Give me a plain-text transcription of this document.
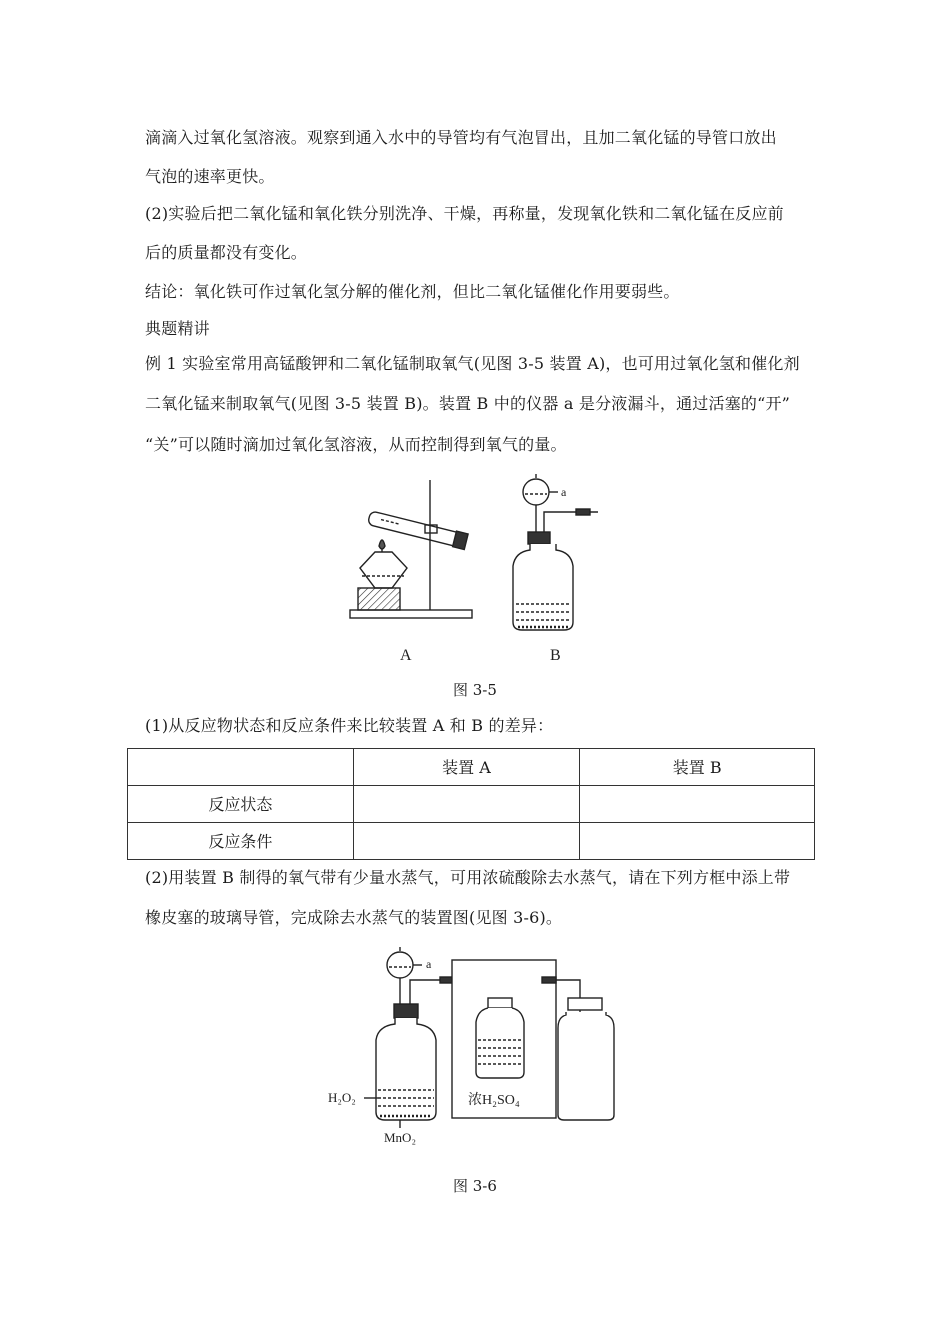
滴滴入过氧化氢溶液。观察到通入水中的导管均有气泡冒出，且加二氧化锰的导管口放出
气泡的速率更快。
(2)实验后把二氧化锰和氧化铁分别洗净、干燥，再称量，发现氧化铁和二氧化锰在反应前
后的质量都没有变化。
结论：氧化铁可作过氧化氢分解的催化剂，但比二氧化锰催化作用要弱些。
典题精讲
例 1 实验室常用高锰酸钾和二氧化锰制取氧气(见图 3-5 装置 A)，也可用过氧化氢和催化剂
二氧化锰来制取氧气(见图 3-5 装置 B)。装置 B 中的仪器 a 是分液漏斗，通过活塞的“开”
“关”可以随时滴加过氧化氢溶液，从而控制得到氧气的量。
a
A	B
图 3-5
(1)从反应物状态和反应条件来比较装置 A 和 B 的差异：
	装置 A	装置 B
反应状态		
反应条件		
(2)用装置 B 制得的氧气带有少量水蒸气，可用浓硫酸除去水蒸气，请在下列方框中添上带
橡皮塞的玻璃导管，完成除去水蒸气的装置图(见图 3-6)。
a
H₂O₂
MnO₂
浓H₂SO₄
图 3-6
